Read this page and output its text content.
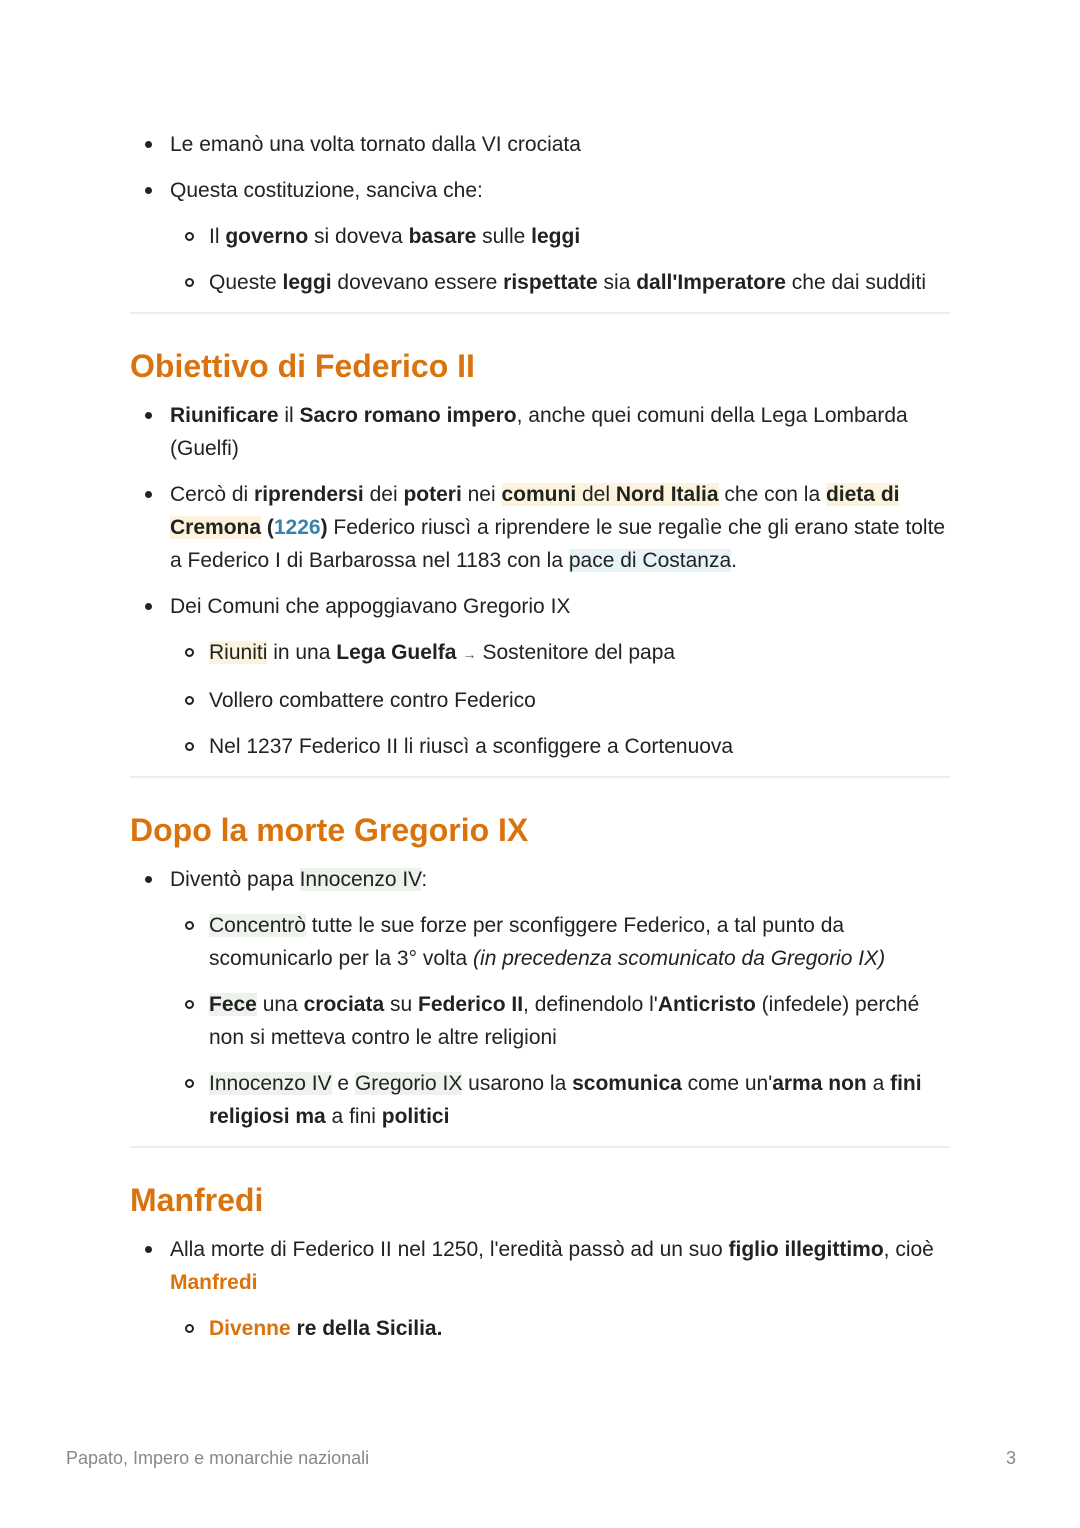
Le emanò una volta tornato dalla VI crociata
Questa costituzione, sanciva che:
Il governo si doveva basare sulle leggi
Queste leggi dovevano essere rispettate sia dall'Imperatore che dai sudditi
Obiettivo di Federico II
Riunificare il Sacro romano impero, anche quei comuni della Lega Lombarda (Guelfi)
Cercò di riprendersi dei poteri nei comuni del Nord Italia che con la dieta di Cremona (1226) Federico riuscì a riprendere le sue regalìe che gli erano state tolte a Federico I di Barbarossa nel 1183 con la pace di Costanza.
Dei Comuni che appoggiavano Gregorio IX
Riuniti in una Lega Guelfa → Sostenitore del papa
Vollero combattere contro Federico
Nel 1237 Federico II li riuscì a sconfiggere a Cortenuova
Dopo la morte Gregorio IX
Diventò papa Innocenzo IV:
Concentrò tutte le sue forze per sconfiggere Federico, a tal punto da scomunicarlo per la 3° volta (in precedenza scomunicato da Gregorio IX)
Fece una crociata su Federico II, definendolo l'Anticristo (infedele) perché non si metteva contro le altre religioni
Innocenzo IV e Gregorio IX usarono la scomunica come un'arma non a fini religiosi ma a fini politici
Manfredi
Alla morte di Federico II nel 1250, l'eredità passò ad un suo figlio illegittimo, cioè Manfredi
Divenne re della Sicilia.
Papato, Impero e monarchie nazionali	3
